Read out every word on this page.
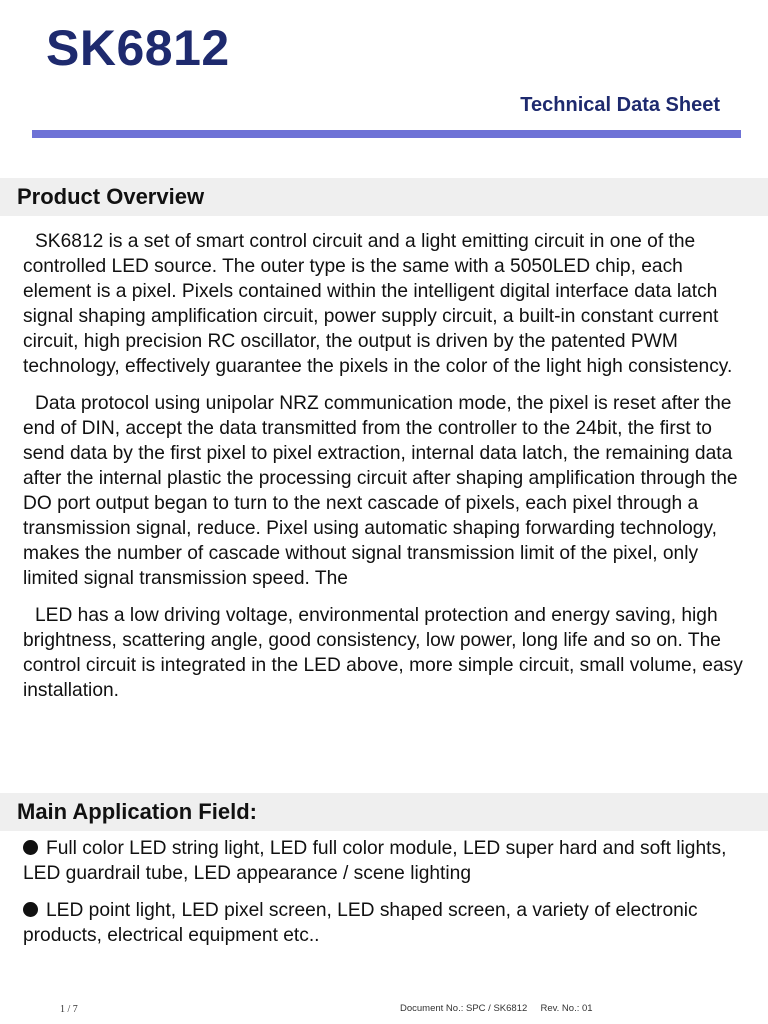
SK6812
Technical Data Sheet
Product Overview

SK6812 is a set of smart control circuit and a light emitting circuit in one of the controlled LED source. The outer type is the same with a 5050LED chip, each element is a pixel. Pixels contained within the intelligent digital interface data latch signal shaping amplification circuit, power supply circuit, a built-in constant current circuit, high precision RC oscillator, the output is driven by the patented PWM technology, effectively guarantee the pixels in the color of the light high consistency.

Data protocol using unipolar NRZ communication mode, the pixel is reset after the end of DIN, accept the data transmitted from the controller to the 24bit, the first to send data by the first pixel to pixel extraction, internal data latch, the remaining data after the internal plastic the processing circuit after shaping amplification through the DO port output began to turn to the next cascade of pixels, each pixel through a transmission signal, reduce. Pixel using automatic shaping forwarding technology, makes the number of cascade without signal transmission limit of the pixel, only limited signal transmission speed. The

LED has a low driving voltage, environmental protection and energy saving, high brightness, scattering angle, good consistency, low power, long life and so on. The control circuit is integrated in the LED above, more simple circuit, small volume, easy installation.

Main Application Field:
Full color LED string light, LED full color module, LED super hard and soft lights, LED guardrail tube, LED appearance / scene lighting
LED point light, LED pixel screen, LED shaped screen, a variety of electronic products, electrical equipment etc..
1 / 7	Document No.: SPC / SK6812 Rev. No.: 01
